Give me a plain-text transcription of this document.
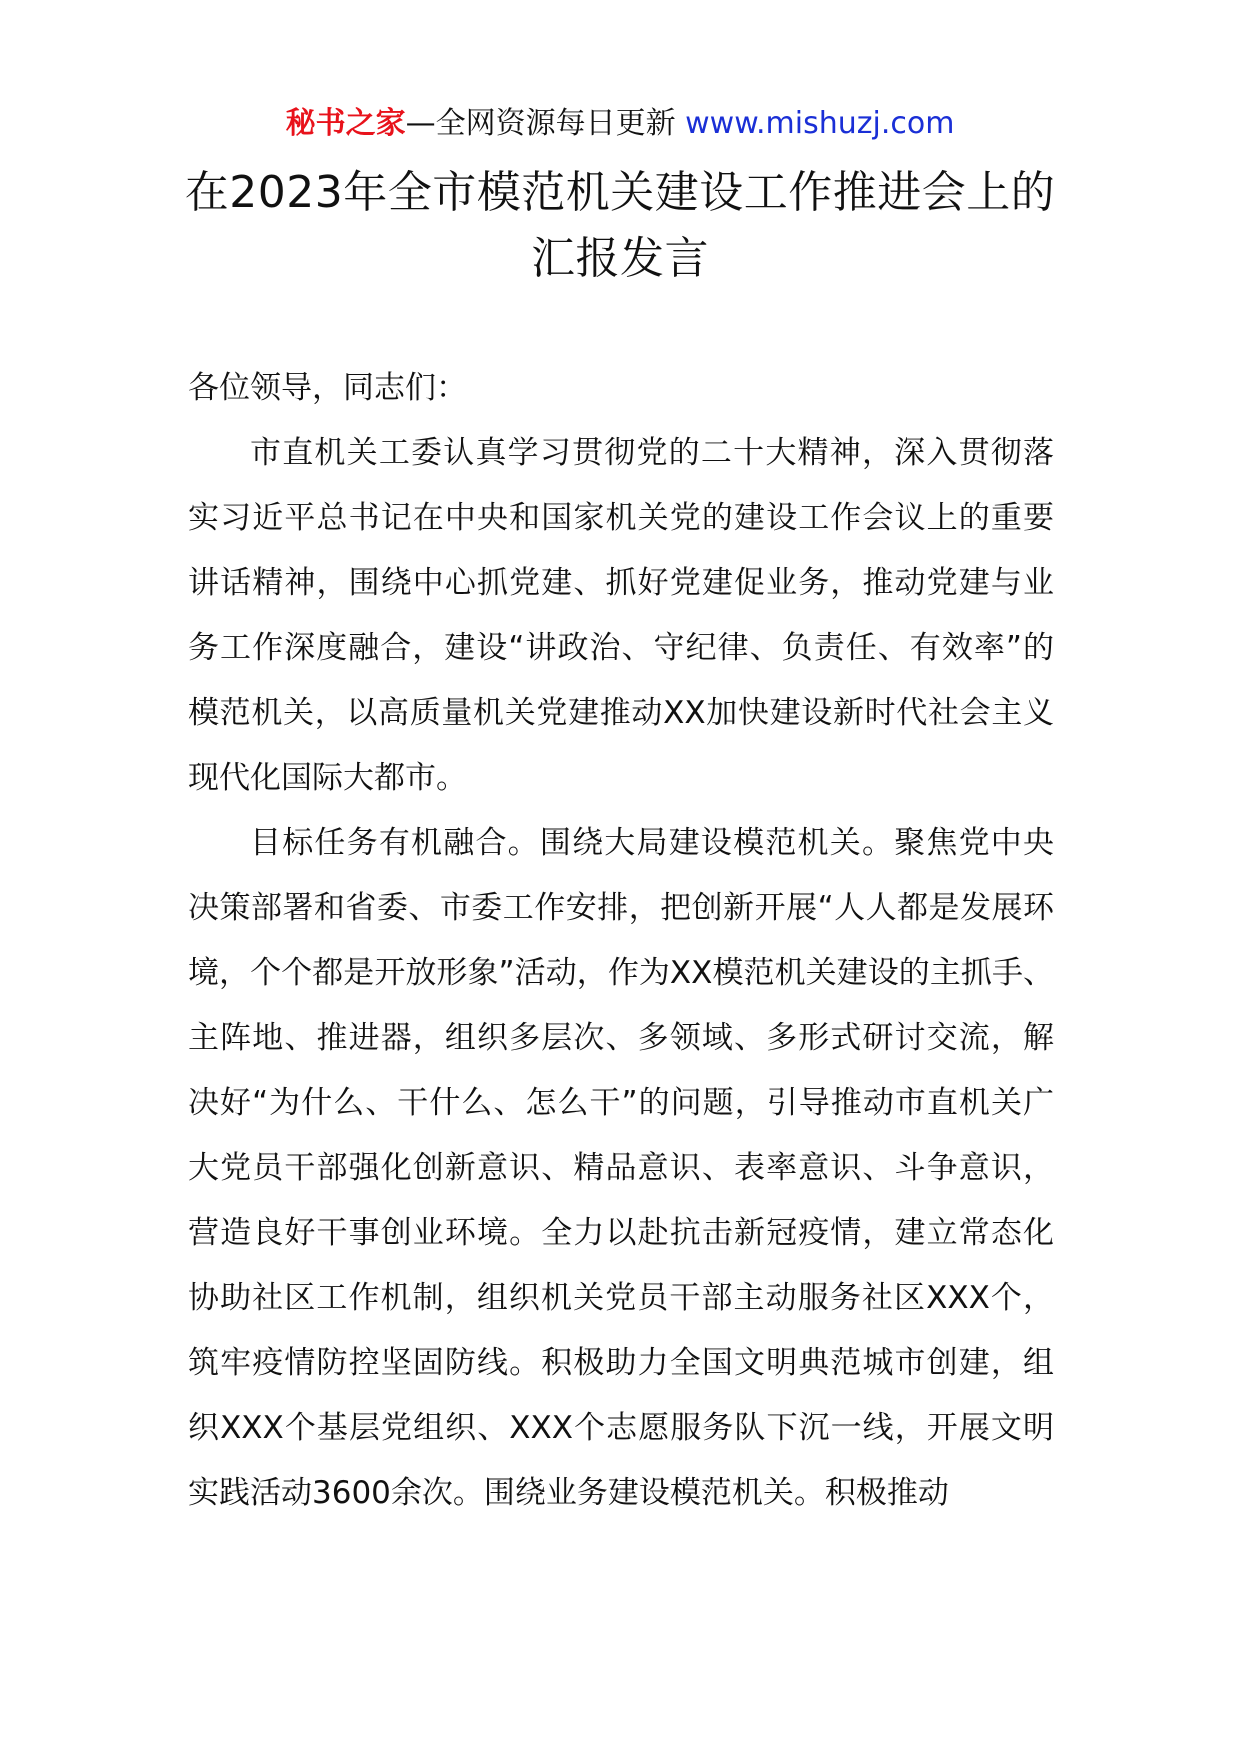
秘书之家—全网资源每日更新 www.mishuzj.com
在2023年全市模范机关建设工作推进会上的汇报发言

各位领导，同志们：

市直机关工委认真学习贯彻党的二十大精神，深入贯彻落实习近平总书记在中央和国家机关党的建设工作会议上的重要讲话精神，围绕中心抓党建、抓好党建促业务，推动党建与业务工作深度融合，建设“讲政治、守纪律、负责任、有效率”的模范机关，以高质量机关党建推动XX加快建设新时代社会主义现代化国际大都市。

目标任务有机融合。围绕大局建设模范机关。聚焦党中央决策部署和省委、市委工作安排，把创新开展“人人都是发展环境，个个都是开放形象”活动，作为XX模范机关建设的主抓手、主阵地、推进器，组织多层次、多领域、多形式研讨交流，解决好“为什么、干什么、怎么干”的问题，引导推动市直机关广大党员干部强化创新意识、精品意识、表率意识、斗争意识，营造良好干事创业环境。全力以赴抗击新冠疫情，建立常态化协助社区工作机制，组织机关党员干部主动服务社区XXX个，筑牢疫情防控坚固防线。积极助力全国文明典范城市创建，组织XXX个基层党组织、XXX个志愿服务队下沉一线，开展文明实践活动3600余次。围绕业务建设模范机关。积极推动
